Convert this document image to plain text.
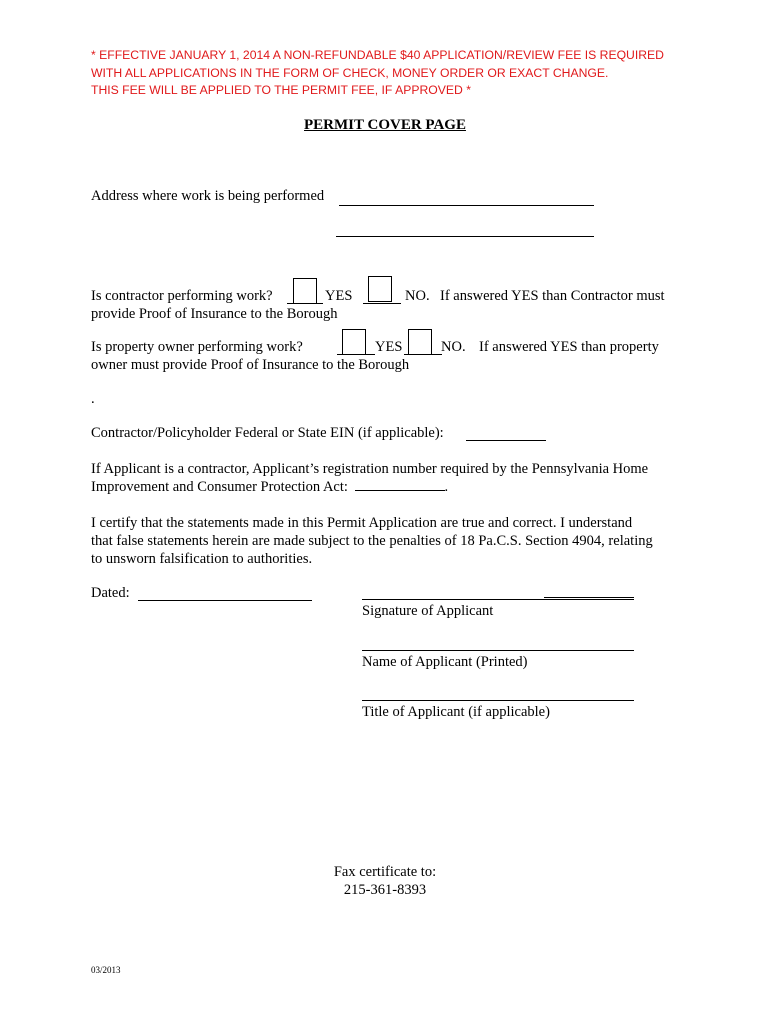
* EFFECTIVE JANUARY 1, 2014 A NON-REFUNDABLE $40 APPLICATION/REVIEW FEE IS REQUIRED
WITH ALL APPLICATIONS IN THE FORM OF CHECK, MONEY ORDER OR EXACT CHANGE.
THIS FEE WILL BE APPLIED TO THE PERMIT FEE, IF APPROVED *
PERMIT COVER PAGE
Address where work is being performed
Is contractor performing work?	YES	NO. If answered YES than Contractor must
provide Proof of Insurance to the Borough
Is property owner performing work?	YES	NO. If answered YES than property
owner must provide Proof of Insurance to the Borough
.
Contractor/Policyholder Federal or State EIN (if applicable):
If Applicant is a contractor, Applicant’s registration number required by the Pennsylvania Home
Improvement and Consumer Protection Act:	.
I certify that the statements made in this Permit Application are true and correct. I understand
that false statements herein are made subject to the penalties of 18 Pa.C.S. Section 4904, relating
to unsworn falsification to authorities.
Dated:
Signature of Applicant
Name of Applicant (Printed)
Title of Applicant (if applicable)
Fax certificate to:
215-361-8393
03/2013
